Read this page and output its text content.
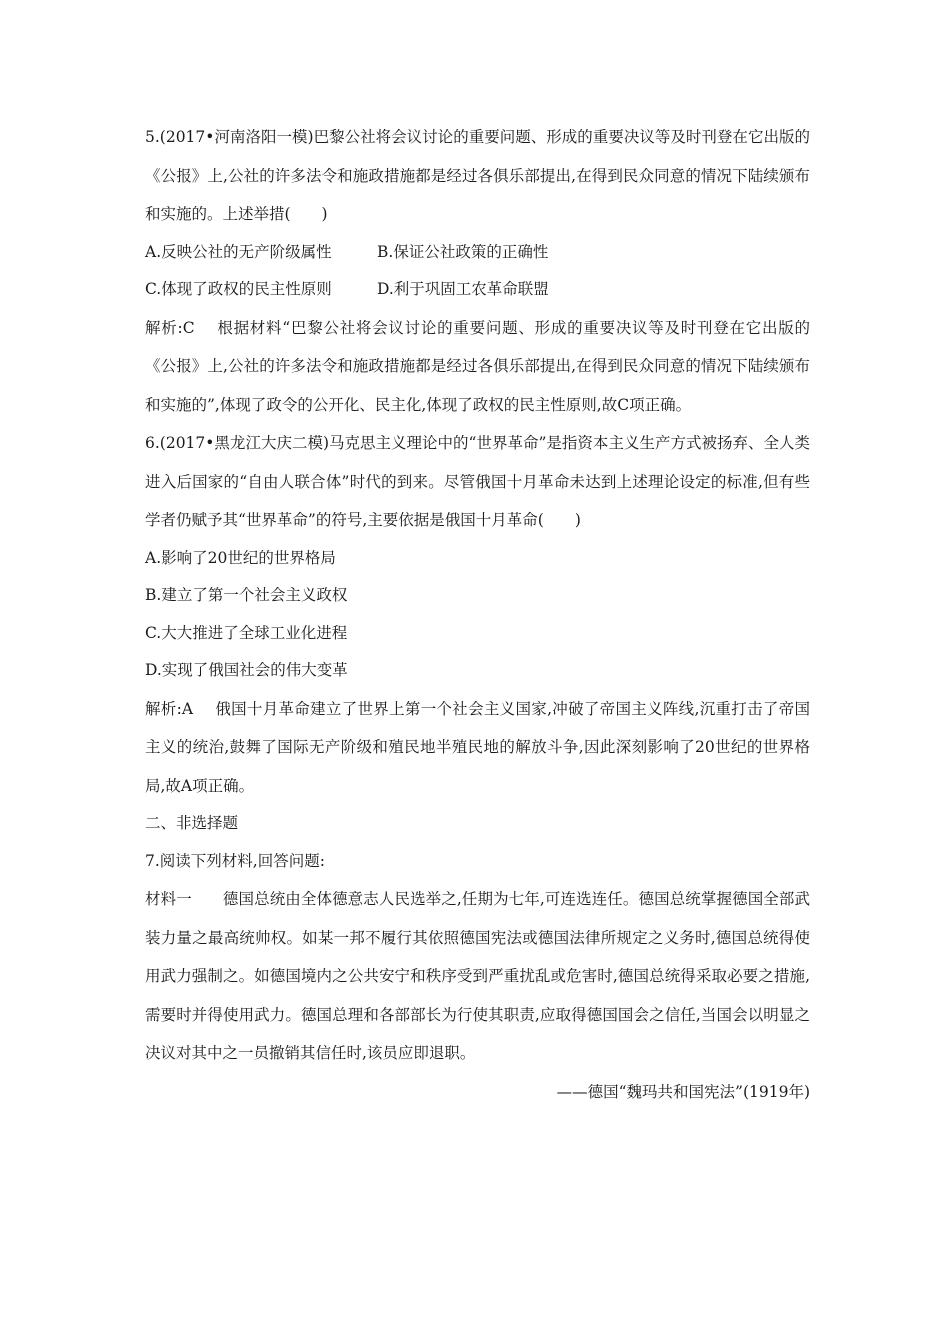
5.(2017•河南洛阳一模)巴黎公社将会议讨论的重要问题、形成的重要决议等及时刊登在它出版的《公报》上,公社的许多法令和施政措施都是经过各俱乐部提出,在得到民众同意的情况下陆续颁布和实施的。上述举措(　　)

A.反映公社的无产阶级属性	B.保证公社政策的正确性
C.体现了政权的民主性原则	D.利于巩固工农革命联盟

解析:C 根据材料“巴黎公社将会议讨论的重要问题、形成的重要决议等及时刊登在它出版的《公报》上,公社的许多法令和施政措施都是经过各俱乐部提出,在得到民众同意的情况下陆续颁布和实施的”,体现了政令的公开化、民主化,体现了政权的民主性原则,故C项正确。

6.(2017•黑龙江大庆二模)马克思主义理论中的“世界革命”是指资本主义生产方式被扬弃、全人类进入后国家的“自由人联合体”时代的到来。尽管俄国十月革命未达到上述理论设定的标准,但有些学者仍赋予其“世界革命”的符号,主要依据是俄国十月革命(　　)

A.影响了20世纪的世界格局

B.建立了第一个社会主义政权

C.大大推进了全球工业化进程

D.实现了俄国社会的伟大变革

解析:A 俄国十月革命建立了世界上第一个社会主义国家,冲破了帝国主义阵线,沉重打击了帝国主义的统治,鼓舞了国际无产阶级和殖民地半殖民地的解放斗争,因此深刻影响了20世纪的世界格局,故A项正确。

二、非选择题

7.阅读下列材料,回答问题:

材料一 德国总统由全体德意志人民选举之,任期为七年,可连选连任。德国总统掌握德国全部武装力量之最高统帅权。如某一邦不履行其依照德国宪法或德国法律所规定之义务时,德国总统得使用武力强制之。如德国境内之公共安宁和秩序受到严重扰乱或危害时,德国总统得采取必要之措施,需要时并得使用武力。德国总理和各部部长为行使其职责,应取得德国国会之信任,当国会以明显之决议对其中之一员撤销其信任时,该员应即退职。

——德国“魏玛共和国宪法”(1919年)
